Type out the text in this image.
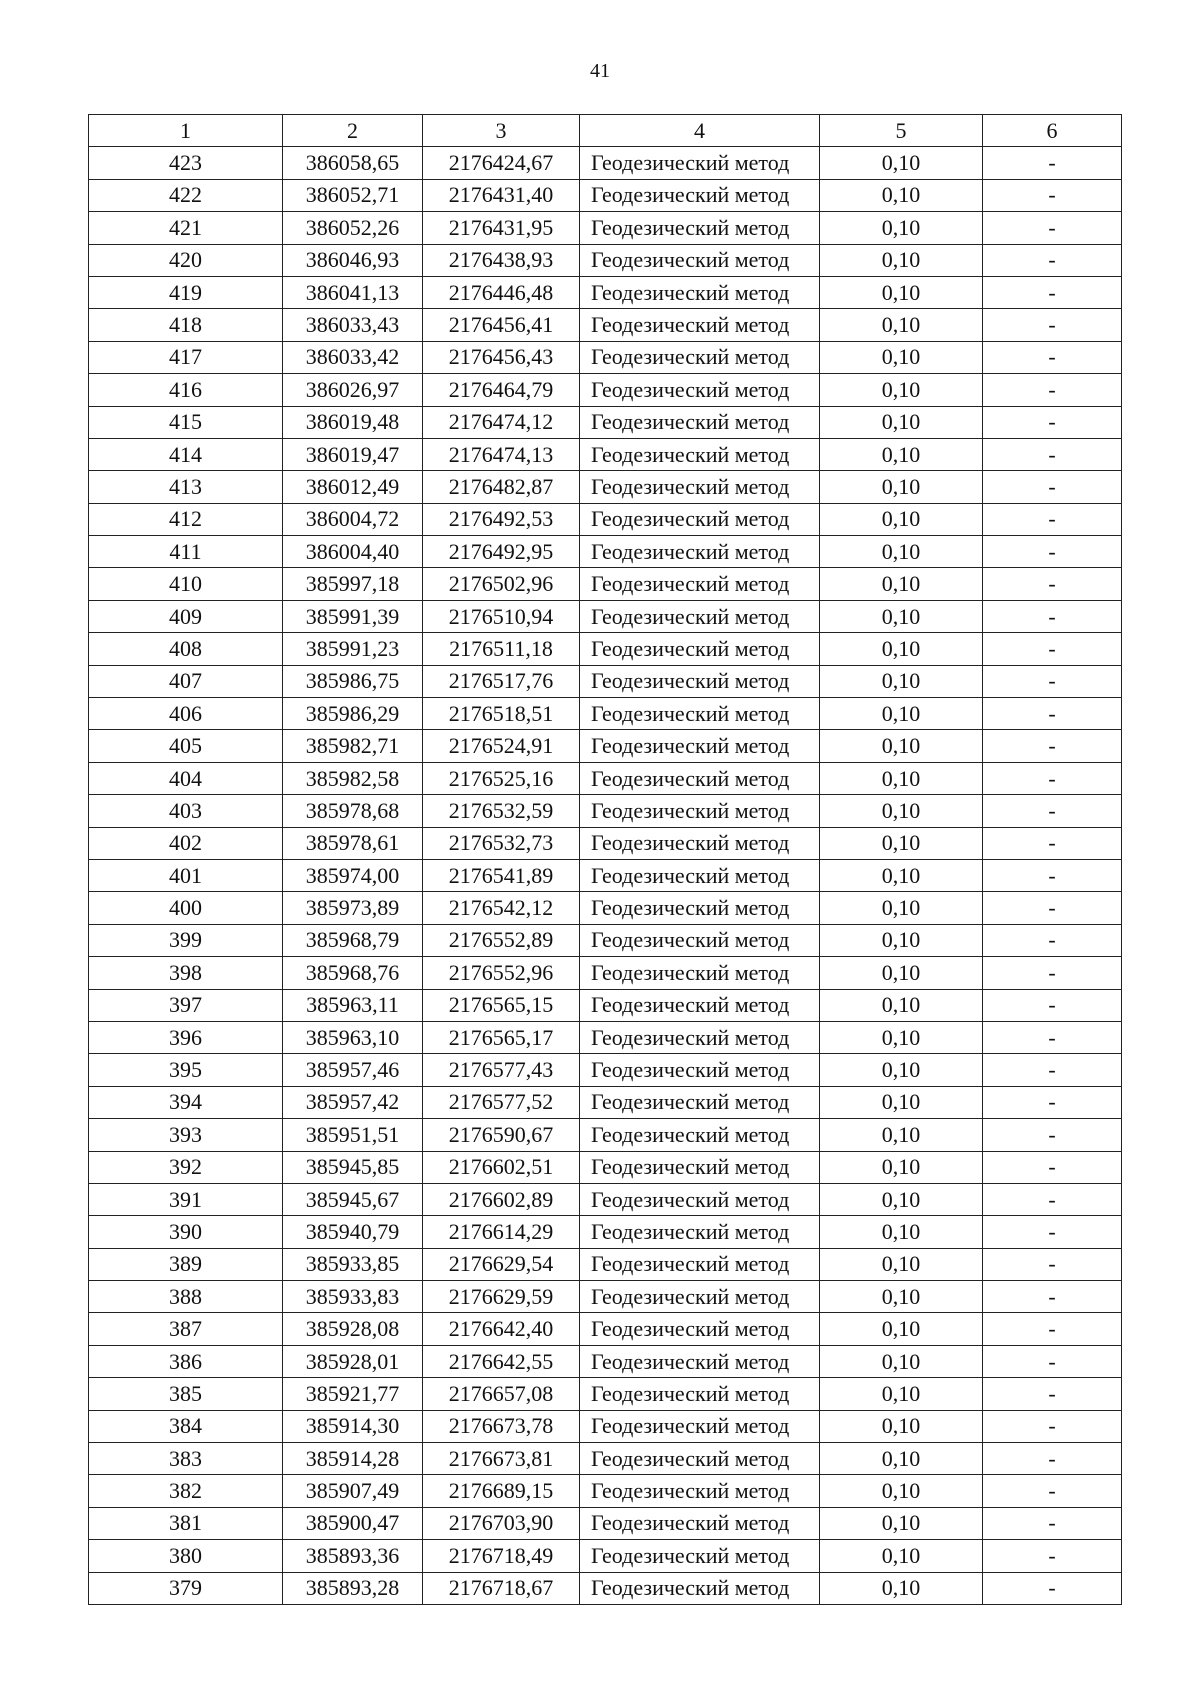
41
1	2	3	4	5	6
423	386058,65	2176424,67	Геодезический метод	0,10	-
422	386052,71	2176431,40	Геодезический метод	0,10	-
421	386052,26	2176431,95	Геодезический метод	0,10	-
420	386046,93	2176438,93	Геодезический метод	0,10	-
419	386041,13	2176446,48	Геодезический метод	0,10	-
418	386033,43	2176456,41	Геодезический метод	0,10	-
417	386033,42	2176456,43	Геодезический метод	0,10	-
416	386026,97	2176464,79	Геодезический метод	0,10	-
415	386019,48	2176474,12	Геодезический метод	0,10	-
414	386019,47	2176474,13	Геодезический метод	0,10	-
413	386012,49	2176482,87	Геодезический метод	0,10	-
412	386004,72	2176492,53	Геодезический метод	0,10	-
411	386004,40	2176492,95	Геодезический метод	0,10	-
410	385997,18	2176502,96	Геодезический метод	0,10	-
409	385991,39	2176510,94	Геодезический метод	0,10	-
408	385991,23	2176511,18	Геодезический метод	0,10	-
407	385986,75	2176517,76	Геодезический метод	0,10	-
406	385986,29	2176518,51	Геодезический метод	0,10	-
405	385982,71	2176524,91	Геодезический метод	0,10	-
404	385982,58	2176525,16	Геодезический метод	0,10	-
403	385978,68	2176532,59	Геодезический метод	0,10	-
402	385978,61	2176532,73	Геодезический метод	0,10	-
401	385974,00	2176541,89	Геодезический метод	0,10	-
400	385973,89	2176542,12	Геодезический метод	0,10	-
399	385968,79	2176552,89	Геодезический метод	0,10	-
398	385968,76	2176552,96	Геодезический метод	0,10	-
397	385963,11	2176565,15	Геодезический метод	0,10	-
396	385963,10	2176565,17	Геодезический метод	0,10	-
395	385957,46	2176577,43	Геодезический метод	0,10	-
394	385957,42	2176577,52	Геодезический метод	0,10	-
393	385951,51	2176590,67	Геодезический метод	0,10	-
392	385945,85	2176602,51	Геодезический метод	0,10	-
391	385945,67	2176602,89	Геодезический метод	0,10	-
390	385940,79	2176614,29	Геодезический метод	0,10	-
389	385933,85	2176629,54	Геодезический метод	0,10	-
388	385933,83	2176629,59	Геодезический метод	0,10	-
387	385928,08	2176642,40	Геодезический метод	0,10	-
386	385928,01	2176642,55	Геодезический метод	0,10	-
385	385921,77	2176657,08	Геодезический метод	0,10	-
384	385914,30	2176673,78	Геодезический метод	0,10	-
383	385914,28	2176673,81	Геодезический метод	0,10	-
382	385907,49	2176689,15	Геодезический метод	0,10	-
381	385900,47	2176703,90	Геодезический метод	0,10	-
380	385893,36	2176718,49	Геодезический метод	0,10	-
379	385893,28	2176718,67	Геодезический метод	0,10	-
